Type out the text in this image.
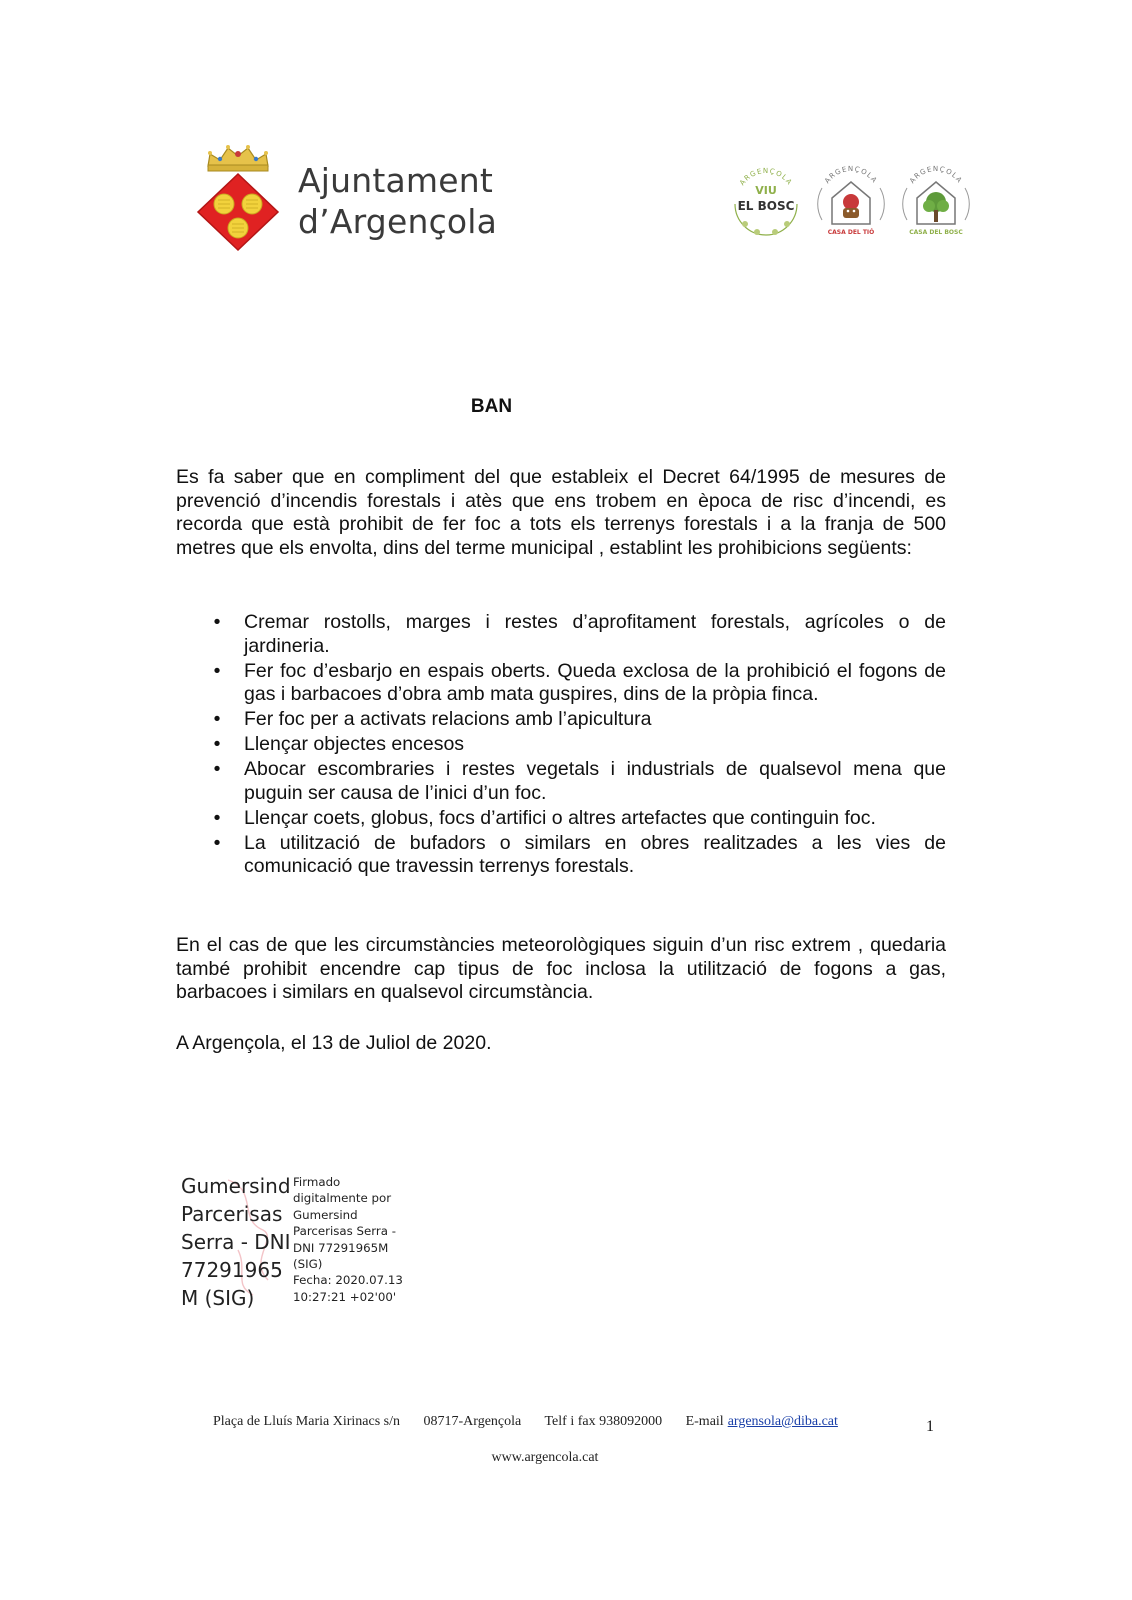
Ajuntament
d’Argençola
ARGENÇOLA
VIU
EL BOSC
ARGENÇOLA
CASA DEL TIÓ
ARGENÇOLA
CASA DEL BOSC
BAN
Es fa saber que en compliment del que estableix el Decret 64/1995 de mesures de prevenció d’incendis forestals i atès que ens trobem en època de risc d’incendi, es recorda que està prohibit de fer foc a tots els terrenys forestals i a la franja de 500 metres que els envolta, dins del terme municipal , establint les prohibicions següents:
• Cremar rostolls, marges i restes d’aprofitament forestals, agrícoles o de jardineria.
• Fer foc d’esbarjo en espais oberts. Queda exclosa de la prohibició el fogons de gas i barbacoes d’obra amb mata guspires, dins de la pròpia finca.
• Fer foc per a activats relacions amb l’apicultura
• Llençar objectes encesos
• Abocar escombraries i restes vegetals i industrials de qualsevol mena que puguin ser causa de l’inici d’un foc.
• Llençar coets, globus, focs d’artifici o altres artefactes que continguin foc.
• La utilització de bufadors o similars en obres realitzades a les vies de comunicació que travessin terrenys forestals.
En el cas de que les circumstàncies meteorològiques siguin d’un risc extrem , quedaria també prohibit encendre cap tipus de foc inclosa la utilització de fogons a gas, barbacoes i similars en qualsevol circumstància.
A Argençola, el 13 de Juliol de 2020.
Gumersind
Parcerisas
Serra - DNI
77291965
M (SIG)
Firmado
digitalmente por
Gumersind
Parcerisas Serra -
DNI 77291965M
(SIG)
Fecha: 2020.07.13
10:27:21 +02'00'
Plaça de Lluís Maria Xirinacs s/n 08717-Argençola Telf i fax 938092000 E-mail argensola@diba.cat	1
www.argencola.cat
